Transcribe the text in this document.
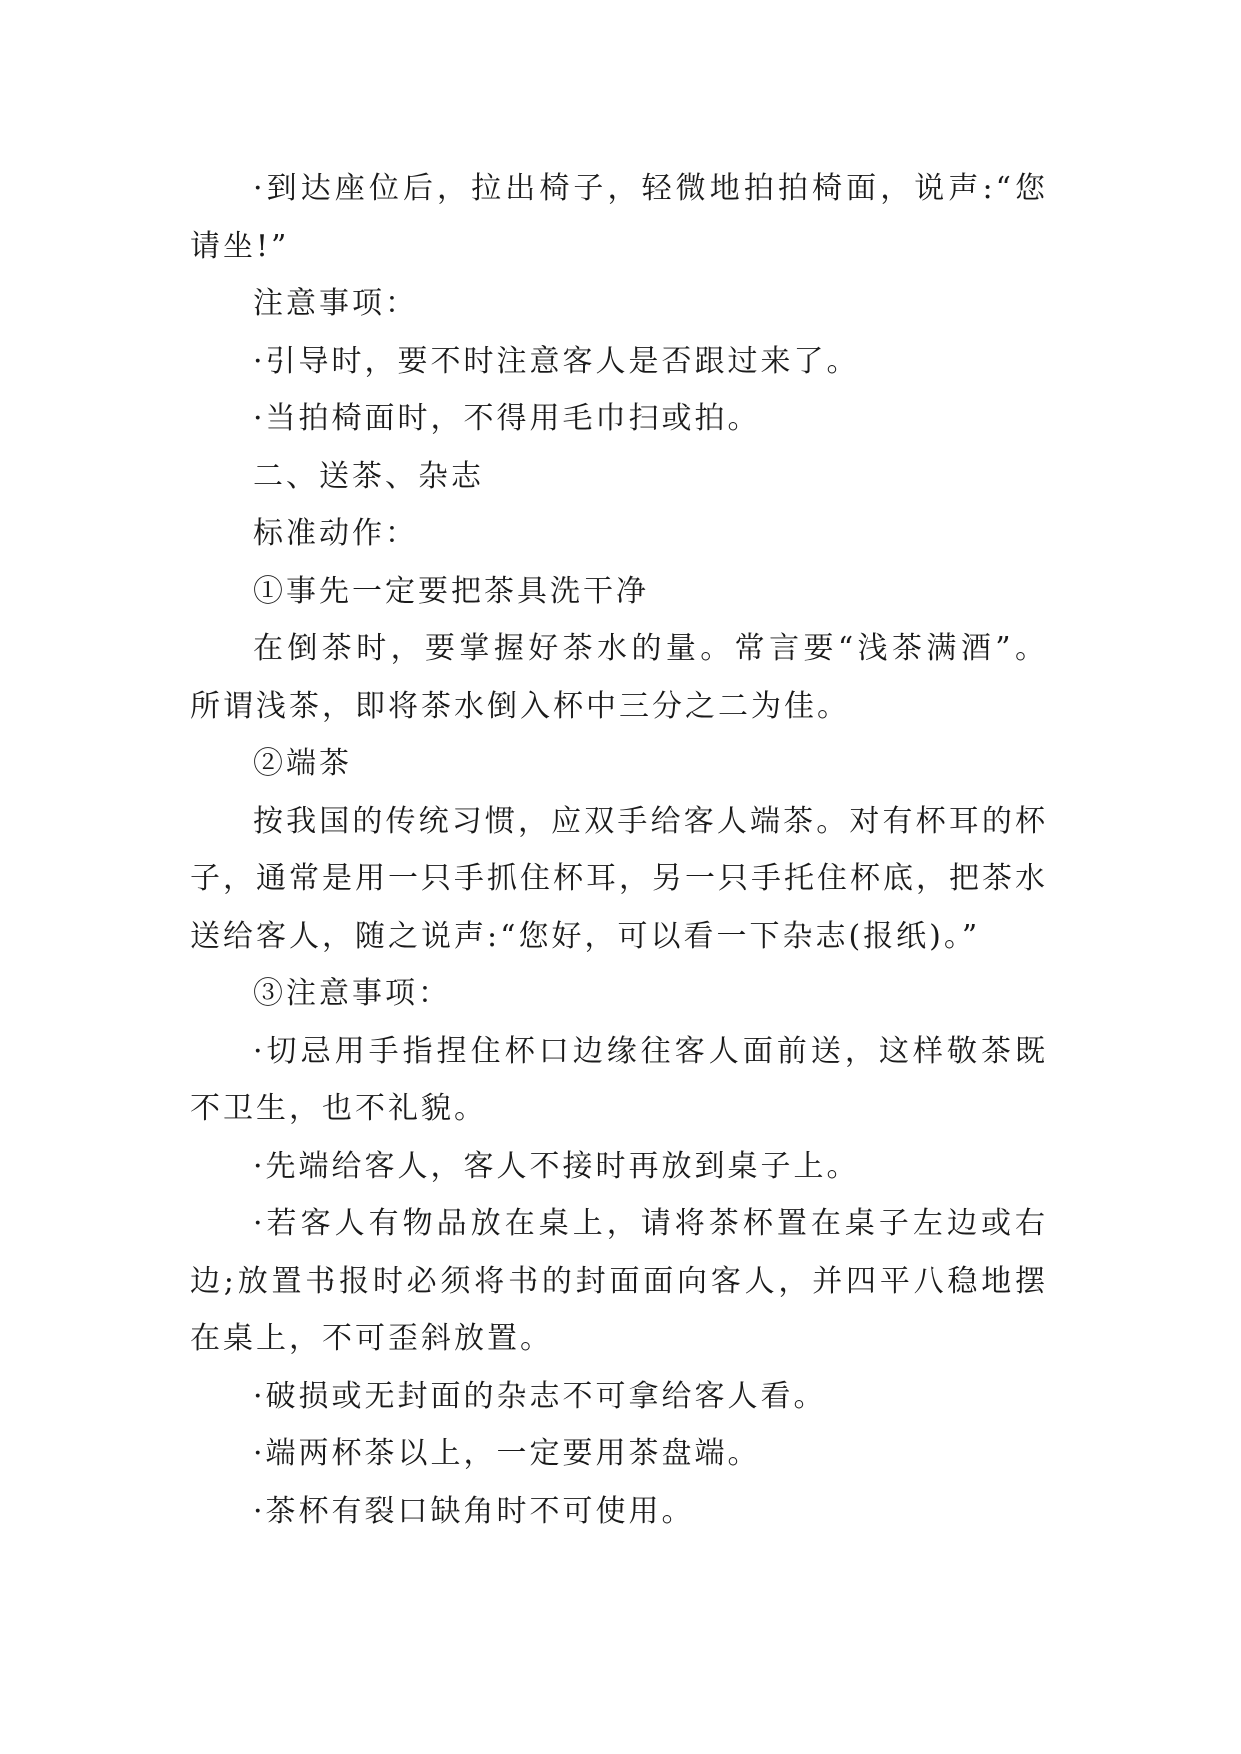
·到达座位后，拉出椅子，轻微地拍拍椅面，说声:“您请坐!”

注意事项：

·引导时，要不时注意客人是否跟过来了。

·当拍椅面时，不得用毛巾扫或拍。

二、送茶、杂志

标准动作：

①事先一定要把茶具洗干净

在倒茶时，要掌握好茶水的量。常言要“浅茶满酒”。所谓浅茶，即将茶水倒入杯中三分之二为佳。

②端茶

按我国的传统习惯，应双手给客人端茶。对有杯耳的杯子，通常是用一只手抓住杯耳，另一只手托住杯底，把茶水送给客人，随之说声:“您好，可以看一下杂志(报纸)。”

③注意事项：

·切忌用手指捏住杯口边缘往客人面前送，这样敬茶既不卫生，也不礼貌。

·先端给客人，客人不接时再放到桌子上。

·若客人有物品放在桌上，请将茶杯置在桌子左边或右边;放置书报时必须将书的封面面向客人，并四平八稳地摆在桌上，不可歪斜放置。

·破损或无封面的杂志不可拿给客人看。

·端两杯茶以上，一定要用茶盘端。

·茶杯有裂口缺角时不可使用。
